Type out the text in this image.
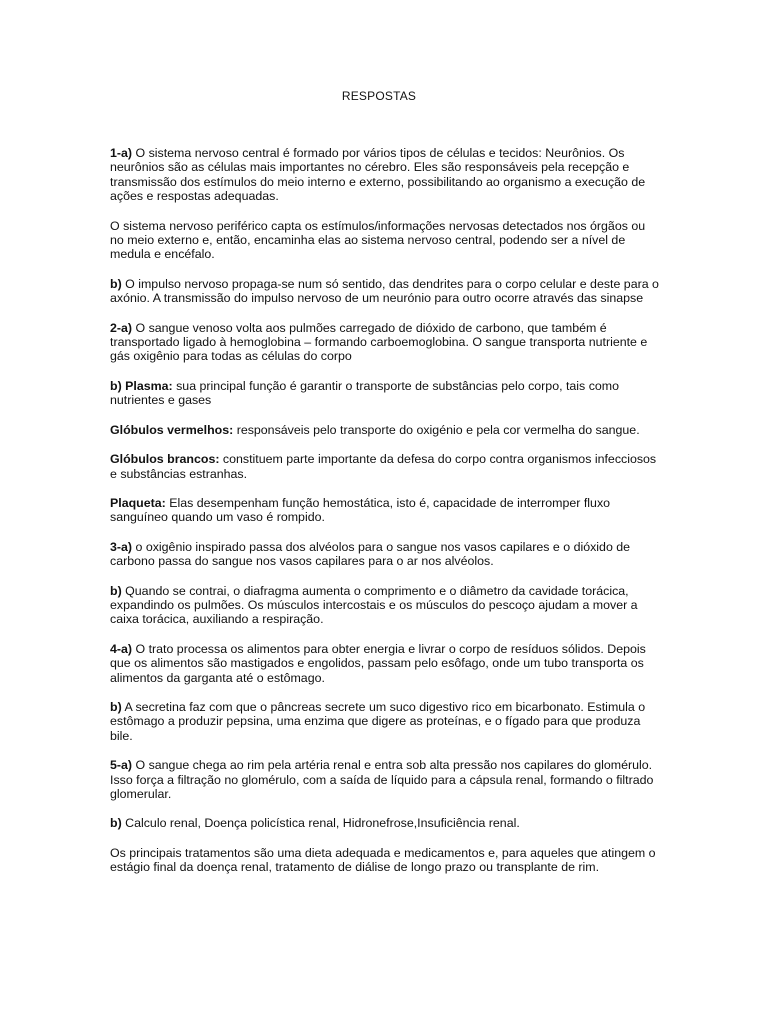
RESPOSTAS

1-a) O sistema nervoso central é formado por vários tipos de células e tecidos: Neurônios. Os neurônios são as células mais importantes no cérebro. Eles são responsáveis pela recepção e transmissão dos estímulos do meio interno e externo, possibilitando ao organismo a execução de ações e respostas adequadas.

O sistema nervoso periférico capta os estímulos/informações nervosas detectados nos órgãos ou no meio externo e, então, encaminha elas ao sistema nervoso central, podendo ser a nível de medula e encéfalo.

b) O impulso nervoso propaga-se num só sentido, das dendrites para o corpo celular e deste para o axónio. A transmissão do impulso nervoso de um neurónio para outro ocorre através das sinapse

2-a) O sangue venoso volta aos pulmões carregado de dióxido de carbono, que também é transportado ligado à hemoglobina – formando carboemoglobina. O sangue transporta nutriente e gás oxigênio para todas as células do corpo

b) Plasma: sua principal função é garantir o transporte de substâncias pelo corpo, tais como nutrientes e gases

Glóbulos vermelhos: responsáveis pelo transporte do oxigénio e pela cor vermelha do sangue.

Glóbulos brancos: constituem parte importante da defesa do corpo contra organismos infecciosos e substâncias estranhas.

Plaqueta: Elas desempenham função hemostática, isto é, capacidade de interromper fluxo sanguíneo quando um vaso é rompido.

3-a) o oxigênio inspirado passa dos alvéolos para o sangue nos vasos capilares e o dióxido de carbono passa do sangue nos vasos capilares para o ar nos alvéolos.

b) Quando se contrai, o diafragma aumenta o comprimento e o diâmetro da cavidade torácica, expandindo os pulmões. Os músculos intercostais e os músculos do pescoço ajudam a mover a caixa torácica, auxiliando a respiração.

4-a) O trato processa os alimentos para obter energia e livrar o corpo de resíduos sólidos. Depois que os alimentos são mastigados e engolidos, passam pelo esôfago, onde um tubo transporta os alimentos da garganta até o estômago.

b) A secretina faz com que o pâncreas secrete um suco digestivo rico em bicarbonato. Estimula o estômago a produzir pepsina, uma enzima que digere as proteínas, e o fígado para que produza bile.

5-a) O sangue chega ao rim pela artéria renal e entra sob alta pressão nos capilares do glomérulo. Isso força a filtração no glomérulo, com a saída de líquido para a cápsula renal, formando o filtrado glomerular.

b) Calculo renal, Doença policística renal, Hidronefrose,Insuficiência renal.

Os principais tratamentos são uma dieta adequada e medicamentos e, para aqueles que atingem o estágio final da doença renal, tratamento de diálise de longo prazo ou transplante de rim.
